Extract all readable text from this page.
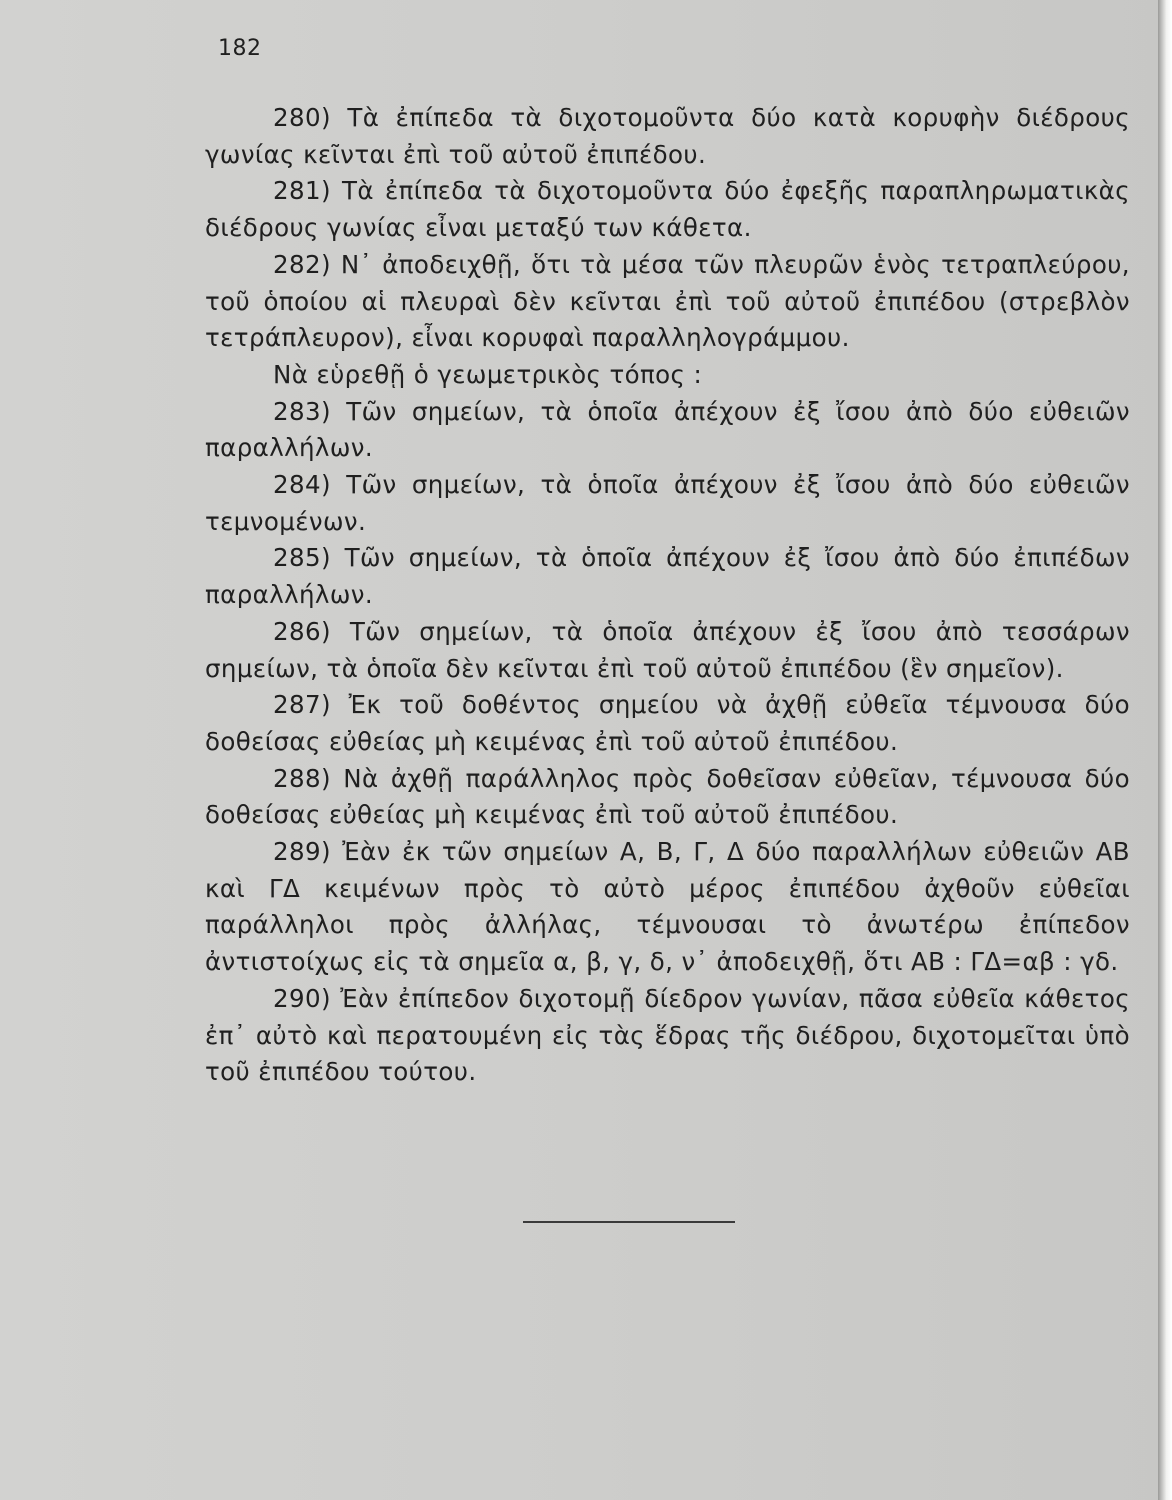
182

280) Τὰ ἐπίπεδα τὰ διχοτομοῦντα δύο κατὰ κορυφὴν διέδρους γωνίας κεῖνται ἐπὶ τοῦ αὐτοῦ ἐπιπέδου.

281) Τὰ ἐπίπεδα τὰ διχοτομοῦντα δύο ἐφεξῆς παραπληρωματικὰς διέδρους γωνίας εἶναι μεταξύ των κάθετα.

282) Ν᾽ ἀποδειχθῇ, ὅτι τὰ μέσα τῶν πλευρῶν ἑνὸς τετραπλεύρου, τοῦ ὁποίου αἱ πλευραὶ δὲν κεῖνται ἐπὶ τοῦ αὐτοῦ ἐπιπέδου (στρεβλὸν τετράπλευρον), εἶναι κορυφαὶ παραλληλογράμμου.

Νὰ εὑρεθῇ ὁ γεωμετρικὸς τόπος :

283) Τῶν σημείων, τὰ ὁποῖα ἀπέχουν ἐξ ἴσου ἀπὸ δύο εὐθειῶν παραλλήλων.

284) Τῶν σημείων, τὰ ὁποῖα ἀπέχουν ἐξ ἴσου ἀπὸ δύο εὐθειῶν τεμνομένων.

285) Τῶν σημείων, τὰ ὁποῖα ἀπέχουν ἐξ ἴσου ἀπὸ δύο ἐπιπέδων παραλλήλων.

286) Τῶν σημείων, τὰ ὁποῖα ἀπέχουν ἐξ ἴσου ἀπὸ τεσσάρων σημείων, τὰ ὁποῖα δὲν κεῖνται ἐπὶ τοῦ αὐτοῦ ἐπιπέδου (ἓν σημεῖον).

287) Ἐκ τοῦ δοθέντος σημείου νὰ ἀχθῇ εὐθεῖα τέμνουσα δύο δοθείσας εὐθείας μὴ κειμένας ἐπὶ τοῦ αὐτοῦ ἐπιπέδου.

288) Νὰ ἀχθῇ παράλληλος πρὸς δοθεῖσαν εὐθεῖαν, τέμνουσα δύο δοθείσας εὐθείας μὴ κειμένας ἐπὶ τοῦ αὐτοῦ ἐπιπέδου.

289) Ἐὰν ἐκ τῶν σημείων Α, Β, Γ, Δ δύο παραλλήλων εὐθειῶν ΑΒ καὶ ΓΔ κειμένων πρὸς τὸ αὐτὸ μέρος ἐπιπέδου ἀχθοῦν εὐθεῖαι παράλληλοι πρὸς ἀλλήλας, τέμνουσαι τὸ ἀνωτέρω ἐπίπεδον ἀντιστοίχως εἰς τὰ σημεῖα α, β, γ, δ, ν᾽ ἀποδειχθῇ, ὅτι ΑΒ : ΓΔ=αβ : γδ.

290) Ἐὰν ἐπίπεδον διχοτομῇ δίεδρον γωνίαν, πᾶσα εὐθεῖα κάθετος ἐπ᾽ αὐτὸ καὶ περατουμένη εἰς τὰς ἕδρας τῆς διέδρου, διχοτομεῖται ὑπὸ τοῦ ἐπιπέδου τούτου.
